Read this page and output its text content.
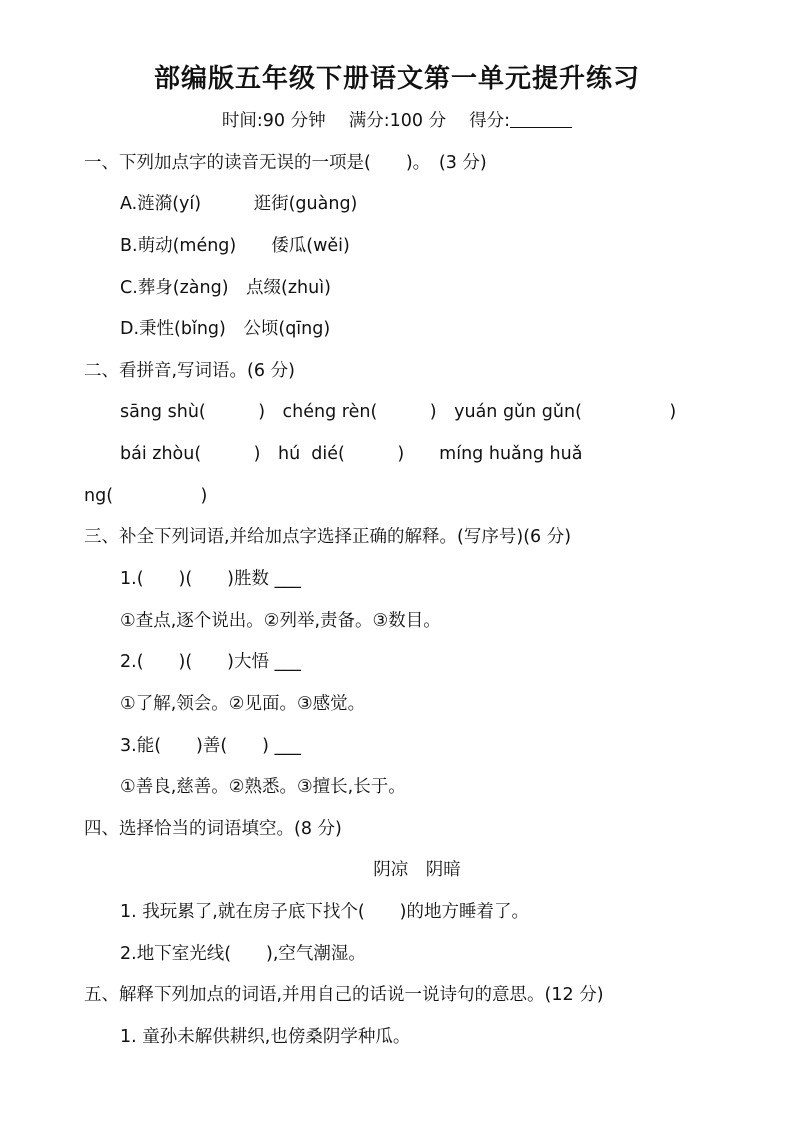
部编版五年级下册语文第一单元提升练习
时间:90 分钟　 满分:100 分　 得分:
一、下列加点字的读音无误的一项是(　　)。　(3 分)
A.涟漪(yí)　　　逛街(guàng)
B.萌动(méng)　　倭瓜(wěi)
C.葬身(zàng)　点缀(zhuì)
D.秉性(bǐng)　公顷(qīng)
二、看拼音,写词语。(6 分)
sāng shù(　　　)　chéng rèn(　　　)　yuán gǔn gǔn(　　　　　)
bái zhòu(　　　)　hú  dié(　　　)　　míng huǎng huǎ
ng(　　　　　)
三、补全下列词语,并给加点字选择正确的解释。(写序号)(6 分)
1.(　　)(　　)胜数 ___
①查点,逐个说出。②列举,责备。③数目。
2.(　　)(　　)大悟 ___
①了解,领会。②见面。③感觉。
3.能(　　)善(　　) ___
①善良,慈善。②熟悉。③擅长,长于。
四、选择恰当的词语填空。(8 分)
阴凉　阴暗
1. 我玩累了,就在房子底下找个(　　)的地方睡着了。
2.地下室光线(　　),空气潮湿。
五、解释下列加点的词语,并用自己的话说一说诗句的意思。(12 分)
1. 童孙未解供耕织,也傍桑阴学种瓜。
